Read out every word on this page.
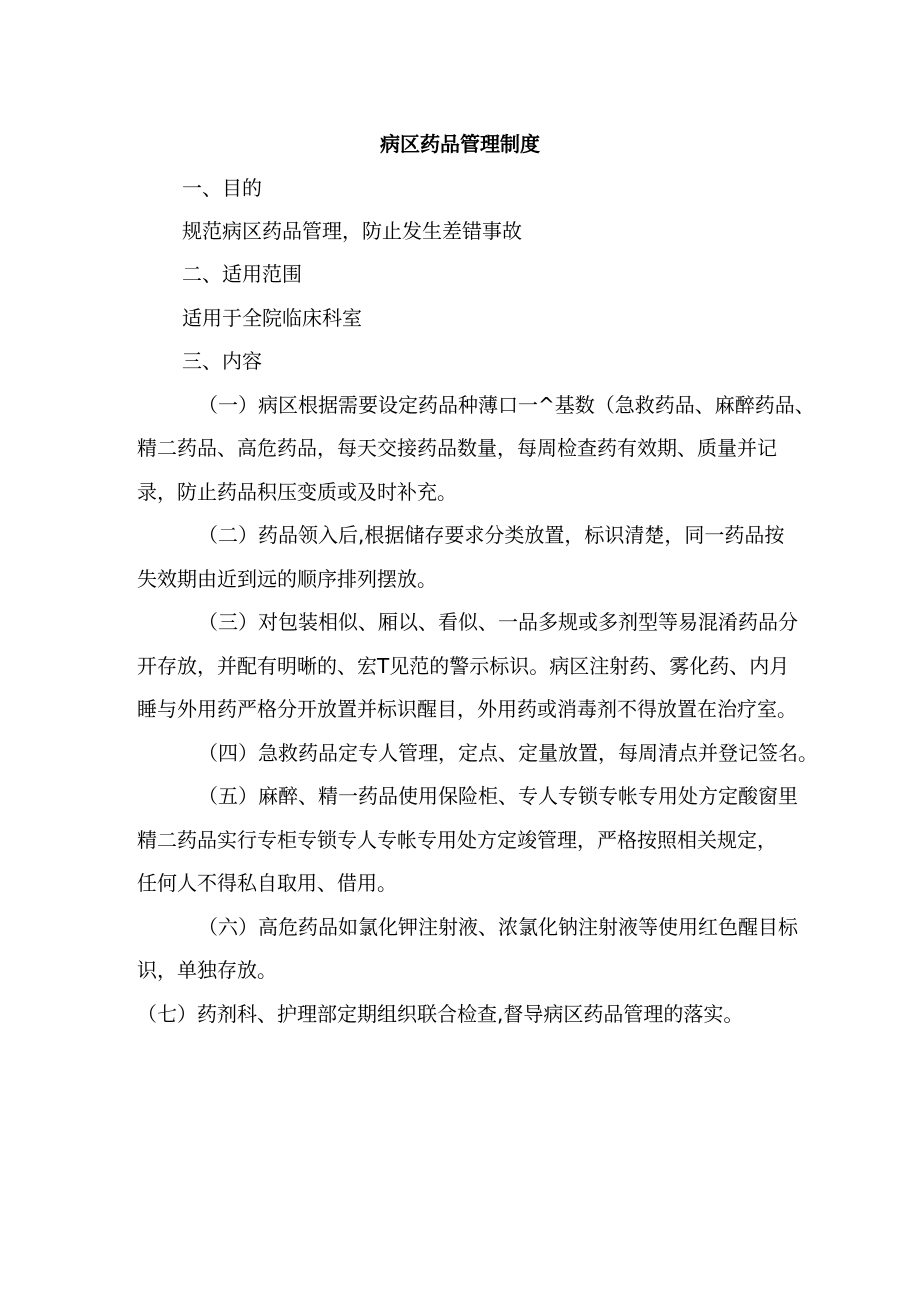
病区药品管理制度
一、目的
规范病区药品管理，防止发生差错事故
二、适用范围
适用于全院临床科室
三、内容
（一）病区根据需要设定药品种薄口一^基数（急救药品、麻醉药品、
精二药品、高危药品，每天交接药品数量，每周检查药有效期、质量并记
录，防止药品积压变质或及时补充。
（二）药品领入后,根据储存要求分类放置，标识清楚，同一药品按
失效期由近到远的顺序排列摆放。
（三）对包装相似、厢以、看似、一品多规或多剂型等易混淆药品分
开存放，并配有明晰的、宏T见范的警示标识。病区注射药、雾化药、内月
睡与外用药严格分开放置并标识醒目，外用药或消毒剂不得放置在治疗室。
（四）急救药品定专人管理，定点、定量放置，每周清点并登记签名。
（五）麻醉、精一药品使用保险柜、专人专锁专帐专用处方定酸窗里
精二药品实行专柜专锁专人专帐专用处方定竣管理，严格按照相关规定，
任何人不得私自取用、借用。
（六）高危药品如氯化钾注射液、浓氯化钠注射液等使用红色醒目标
识，单独存放。
（七）药剂科、护理部定期组织联合检查,督导病区药品管理的落实。
